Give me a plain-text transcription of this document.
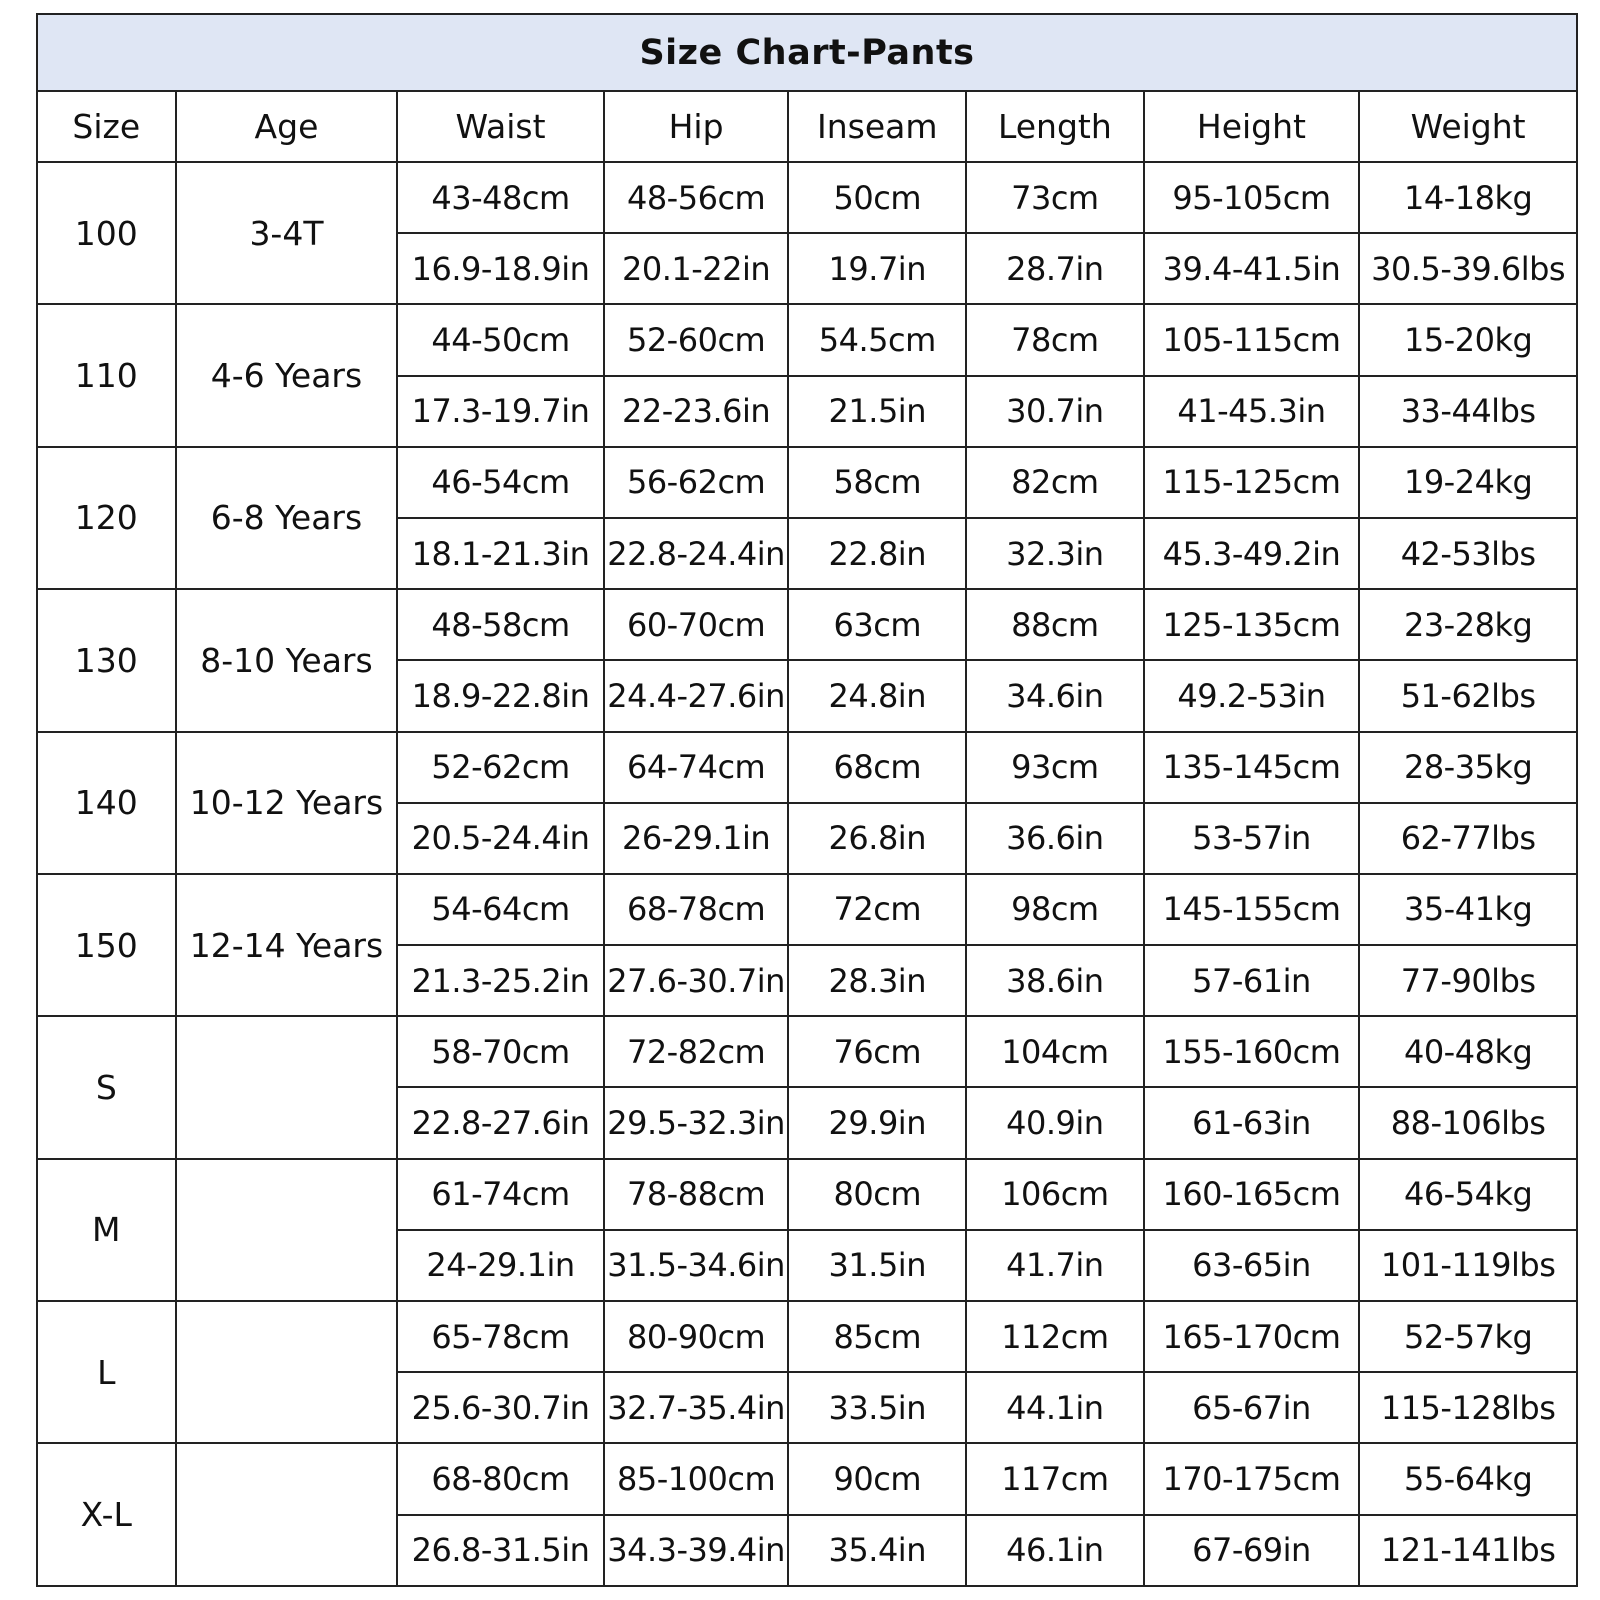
Size Chart-Pants							
Size	Age	Waist	Hip	Inseam	Length	Height	Weight
100	3-4T	43-48cm	48-56cm	50cm	73cm	95-105cm	14-18kg
		16.9-18.9in	20.1-22in	19.7in	28.7in	39.4-41.5in	30.5-39.6lbs
110	4-6 Years	44-50cm	52-60cm	54.5cm	78cm	105-115cm	15-20kg
		17.3-19.7in	22-23.6in	21.5in	30.7in	41-45.3in	33-44lbs
120	6-8 Years	46-54cm	56-62cm	58cm	82cm	115-125cm	19-24kg
		18.1-21.3in	22.8-24.4in	22.8in	32.3in	45.3-49.2in	42-53lbs
130	8-10 Years	48-58cm	60-70cm	63cm	88cm	125-135cm	23-28kg
		18.9-22.8in	24.4-27.6in	24.8in	34.6in	49.2-53in	51-62lbs
140	10-12 Years	52-62cm	64-74cm	68cm	93cm	135-145cm	28-35kg
		20.5-24.4in	26-29.1in	26.8in	36.6in	53-57in	62-77lbs
150	12-14 Years	54-64cm	68-78cm	72cm	98cm	145-155cm	35-41kg
		21.3-25.2in	27.6-30.7in	28.3in	38.6in	57-61in	77-90lbs
S		58-70cm	72-82cm	76cm	104cm	155-160cm	40-48kg
		22.8-27.6in	29.5-32.3in	29.9in	40.9in	61-63in	88-106lbs
M		61-74cm	78-88cm	80cm	106cm	160-165cm	46-54kg
		24-29.1in	31.5-34.6in	31.5in	41.7in	63-65in	101-119lbs
L		65-78cm	80-90cm	85cm	112cm	165-170cm	52-57kg
		25.6-30.7in	32.7-35.4in	33.5in	44.1in	65-67in	115-128lbs
X-L		68-80cm	85-100cm	90cm	117cm	170-175cm	55-64kg
		26.8-31.5in	34.3-39.4in	35.4in	46.1in	67-69in	121-141lbs
